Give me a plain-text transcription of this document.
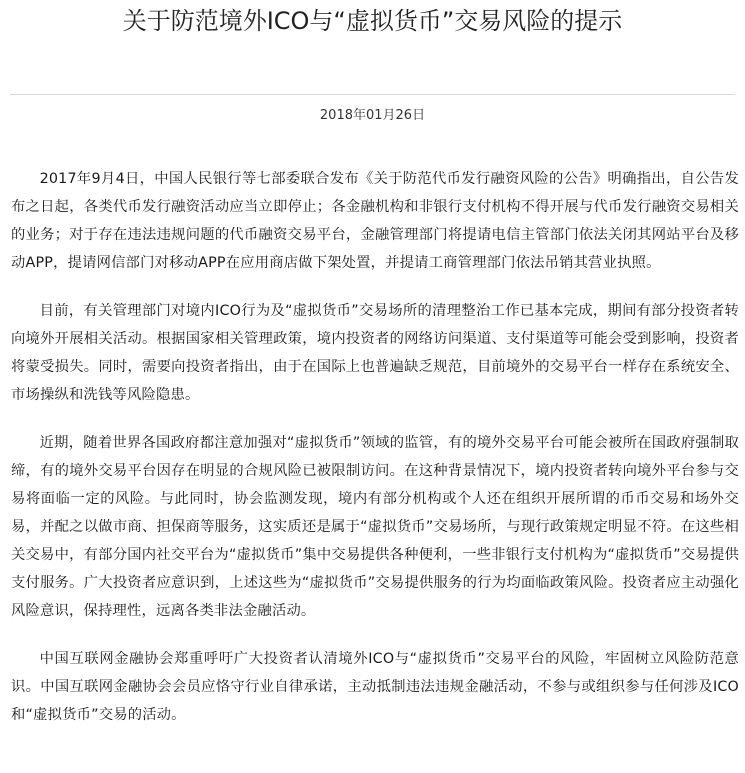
关于防范境外ICO与“虚拟货币”交易风险的提示
2018年01月26日

2017年9月4日，中国人民银行等七部委联合发布《关于防范代币发行融资风险的公告》明确指出，自公告发布之日起，各类代币发行融资活动应当立即停止；各金融机构和非银行支付机构不得开展与代币发行融资交易相关的业务；对于存在违法违规问题的代币融资交易平台，金融管理部门将提请电信主管部门依法关闭其网站平台及移动APP，提请网信部门对移动APP在应用商店做下架处置，并提请工商管理部门依法吊销其营业执照。

目前，有关管理部门对境内ICO行为及“虚拟货币”交易场所的清理整治工作已基本完成，期间有部分投资者转向境外开展相关活动。根据国家相关管理政策，境内投资者的网络访问渠道、支付渠道等可能会受到影响，投资者将蒙受损失。同时，需要向投资者指出，由于在国际上也普遍缺乏规范，目前境外的交易平台一样存在系统安全、市场操纵和洗钱等风险隐患。

近期，随着世界各国政府都注意加强对“虚拟货币”领域的监管，有的境外交易平台可能会被所在国政府强制取缔，有的境外交易平台因存在明显的合规风险已被限制访问。在这种背景情况下，境内投资者转向境外平台参与交易将面临一定的风险。与此同时，协会监测发现，境内有部分机构或个人还在组织开展所谓的币币交易和场外交易，并配之以做市商、担保商等服务，这实质还是属于“虚拟货币”交易场所，与现行政策规定明显不符。在这些相关交易中，有部分国内社交平台为“虚拟货币”集中交易提供各种便利，一些非银行支付机构为“虚拟货币”交易提供支付服务。广大投资者应意识到，上述这些为“虚拟货币”交易提供服务的行为均面临政策风险。投资者应主动强化风险意识，保持理性，远离各类非法金融活动。

中国互联网金融协会郑重呼吁广大投资者认清境外ICO与“虚拟货币”交易平台的风险，牢固树立风险防范意识。中国互联网金融协会会员应恪守行业自律承诺，主动抵制违法违规金融活动，不参与或组织参与任何涉及ICO和“虚拟货币”交易的活动。
